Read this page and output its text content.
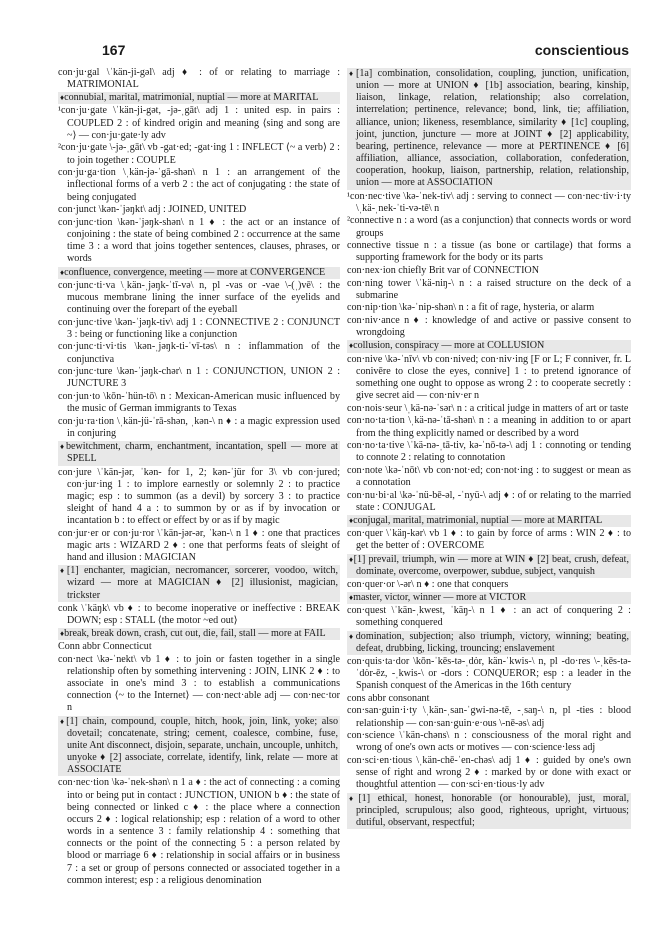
167	conscientious

con·ju·gal \ˈkän-ji-gəl\ adj ♦ : of or relating to marriage : MATRIMONIAL

♦ connubial, marital, matrimonial, nuptial — more at MARITAL

¹con·ju·gate \ˈkän-ji-gət, -jə-ˌgāt\ adj 1 : united esp. in pairs : COUPLED 2 : of kindred origin and meaning ⟨sing and song are ~⟩ — con·ju·gate·ly adv

²con·ju·gate \-jə-ˌgāt\ vb -gat·ed; -gat·ing 1 : INFLECT ⟨~ a verb⟩ 2 : to join together : COUPLE

con·ju·ga·tion \ˌkän-jə-ˈgā-shən\ n 1 : an arrangement of the inflectional forms of a verb 2 : the act of conjugating : the state of being conjugated

con·junct \kən-ˈjəŋkt\ adj : JOINED, UNITED

con·junc·tion \kən-ˈjəŋk-shən\ n 1 ♦ : the act or an instance of conjoining : the state of being combined 2 : occurrence at the same time 3 : a word that joins together sentences, clauses, phrases, or words

♦ confluence, convergence, meeting — more at CONVERGENCE

con·junc·ti·va \ˌkän-ˌjəŋk-ˈtī-və\ n, pl -vas or -vae \-(ˌ)vē\ : the mucous membrane lining the inner surface of the eyelids and continuing over the forepart of the eyeball

con·junc·tive \kən-ˈjəŋk-tiv\ adj 1 : CONNECTIVE 2 : CONJUNCT 3 : being or functioning like a conjunction

con·junc·ti·vi·tis \kən-ˌjəŋk-ti-ˈvī-təs\ n : inflammation of the conjunctiva

con·junc·ture \kən-ˈjəŋk-chər\ n 1 : CONJUNCTION, UNION 2 : JUNCTURE 3

con·jun·to \kōn-ˈhün-tō\ n : Mexican-American music influenced by the music of German immigrants to Texas

con·ju·ra·tion \ˌkän-jü-ˈrā-shən, ˌkən-\ n ♦ : a magic expression used in conjuring

♦ bewitchment, charm, enchantment, incantation, spell — more at SPELL

con·jure \ˈkän-jər, ˈkən- for 1, 2; kən-ˈjür for 3\ vb con·jured; con·jur·ing 1 : to implore earnestly or solemnly 2 : to practice magic; esp : to summon (as a devil) by sorcery 3 : to practice sleight of hand 4 a : to summon by or as if by invocation or incantation b : to effect or effect by or as if by magic

con·jur·er or con·ju·ror \ˈkän-jər-ər, ˈkən-\ n 1 ♦ : one that practices magic arts : WIZARD 2 ♦ : one that performs feats of sleight of hand and illusion : MAGICIAN

♦ [1] enchanter, magician, necromancer, sorcerer, voodoo, witch, wizard — more at MAGICIAN ♦ [2] illusionist, magician, trickster

conk \ˈkäŋk\ vb ♦ : to become inoperative or ineffective : BREAK DOWN; esp : STALL ⟨the motor ~ed out⟩

♦ break, break down, crash, cut out, die, fail, stall — more at FAIL

Conn abbr Connecticut

con·nect \kə-ˈnekt\ vb 1 ♦ : to join or fasten together in a single relationship often by something intervening : JOIN, LINK 2 ♦ : to associate in one's mind 3 : to establish a communications connection ⟨~ to the Internet⟩ — con·nect·able adj — con·nec·tor n

♦ [1] chain, compound, couple, hitch, hook, join, link, yoke; also dovetail; concatenate, string; cement, coalesce, combine, fuse, unite Ant disconnect, disjoin, separate, unchain, uncouple, unhitch, unyoke ♦ [2] associate, correlate, identify, link, relate — more at ASSOCIATE

con·nec·tion \kə-ˈnek-shən\ n 1 a ♦ : the act of connecting : a coming into or being put in contact : JUNCTION, UNION b ♦ : the state of being connected or linked c ♦ : the place where a connection occurs 2 ♦ : logical relationship; esp : relation of a word to other words in a sentence 3 : family relationship 4 : something that connects or the point of the connecting 5 : a person related by blood or marriage 6 ♦ : relationship in social affairs or in business 7 : a set or group of persons connected or associated together in a common interest; esp : a religious denomination

♦ [1a] combination, consolidation, coupling, junction, unification, union — more at UNION ♦ [1b] association, bearing, kinship, liaison, linkage, relation, relationship; also correlation, interrelation; pertinence, relevance; bond, link, tie; affiliation, alliance, union; likeness, resemblance, similarity ♦ [1c] coupling, joint, junction, juncture — more at JOINT ♦ [2] applicability, bearing, pertinence, relevance — more at PERTINENCE ♦ [6] affiliation, alliance, association, collaboration, confederation, cooperation, hookup, liaison, partnership, relation, relationship, union — more at ASSOCIATION

¹con·nec·tive \kə-ˈnek-tiv\ adj : serving to connect — con·nec·tiv·i·ty \ˌkä-ˌnek-ˈti-və-tē\ n

²connective n : a word (as a conjunction) that connects words or word groups

connective tissue n : a tissue (as bone or cartilage) that forms a supporting framework for the body or its parts

con·nex·ion chiefly Brit var of CONNECTION

con·ning tower \ˈkä-niŋ-\ n : a raised structure on the deck of a submarine

con·nip·tion \kə-ˈnip-shən\ n : a fit of rage, hysteria, or alarm

con·niv·ance n ♦ : knowledge of and active or passive consent to wrongdoing

♦ collusion, conspiracy — more at COLLUSION

con·nive \kə-ˈnīv\ vb con·nived; con·niv·ing [F or L; F conniver, fr. L conivēre to close the eyes, connive] 1 : to pretend ignorance of something one ought to oppose as wrong 2 : to cooperate secretly : give secret aid — con·niv·er n

con·nois·seur \ˌkä-nə-ˈsər\ n : a critical judge in matters of art or taste

con·no·ta·tion \ˌkä-nə-ˈtā-shən\ n : a meaning in addition to or apart from the thing explicitly named or described by a word

con·no·ta·tive \ˈkä-nə-ˌtā-tiv, kə-ˈnō-tə-\ adj 1 : connoting or tending to connote 2 : relating to connotation

con·note \kə-ˈnōt\ vb con·not·ed; con·not·ing : to suggest or mean as a connotation

con·nu·bi·al \kə-ˈnü-bē-əl, -ˈnyü-\ adj ♦ : of or relating to the married state : CONJUGAL

♦ conjugal, marital, matrimonial, nuptial — more at MARITAL

con·quer \ˈkäŋ-kər\ vb 1 ♦ : to gain by force of arms : WIN 2 ♦ : to get the better of : OVERCOME

♦ [1] prevail, triumph, win — more at WIN ♦ [2] beat, crush, defeat, dominate, overcome, overpower, subdue, subject, vanquish

con·quer·or \-ər\ n ♦ : one that conquers

♦ master, victor, winner — more at VICTOR

con·quest \ˈkän-ˌkwest, ˈkäŋ-\ n 1 ♦ : an act of conquering 2 : something conquered

♦ domination, subjection; also triumph, victory, winning; beating, defeat, drubbing, licking, trouncing; enslavement

con·quis·ta·dor \kōn-ˈkēs-tə-ˌdȯr, kän-ˈkwis-\ n, pl -do·res \-ˌkēs-tə-ˈdȯr-ēz, -ˌkwis-\ or -dors : CONQUEROR; esp : a leader in the Spanish conquest of the Americas in the 16th century

cons abbr consonant

con·san·guin·i·ty \ˌkän-ˌsan-ˈgwi-nə-tē, -ˌsaŋ-\ n, pl -ties : blood relationship — con·san·guin·e·ous \-nē-əs\ adj

con·science \ˈkän-chəns\ n : consciousness of the moral right and wrong of one's own acts or motives — con·science·less adj

con·sci·en·tious \ˌkän-chē-ˈen-chəs\ adj 1 ♦ : guided by one's own sense of right and wrong 2 ♦ : marked by or done with exact or thoughtful attention — con·sci·en·tious·ly adv

♦ [1] ethical, honest, honorable (or honourable), just, moral, principled, scrupulous; also good, righteous, upright, virtuous; dutiful, observant, respectful;
